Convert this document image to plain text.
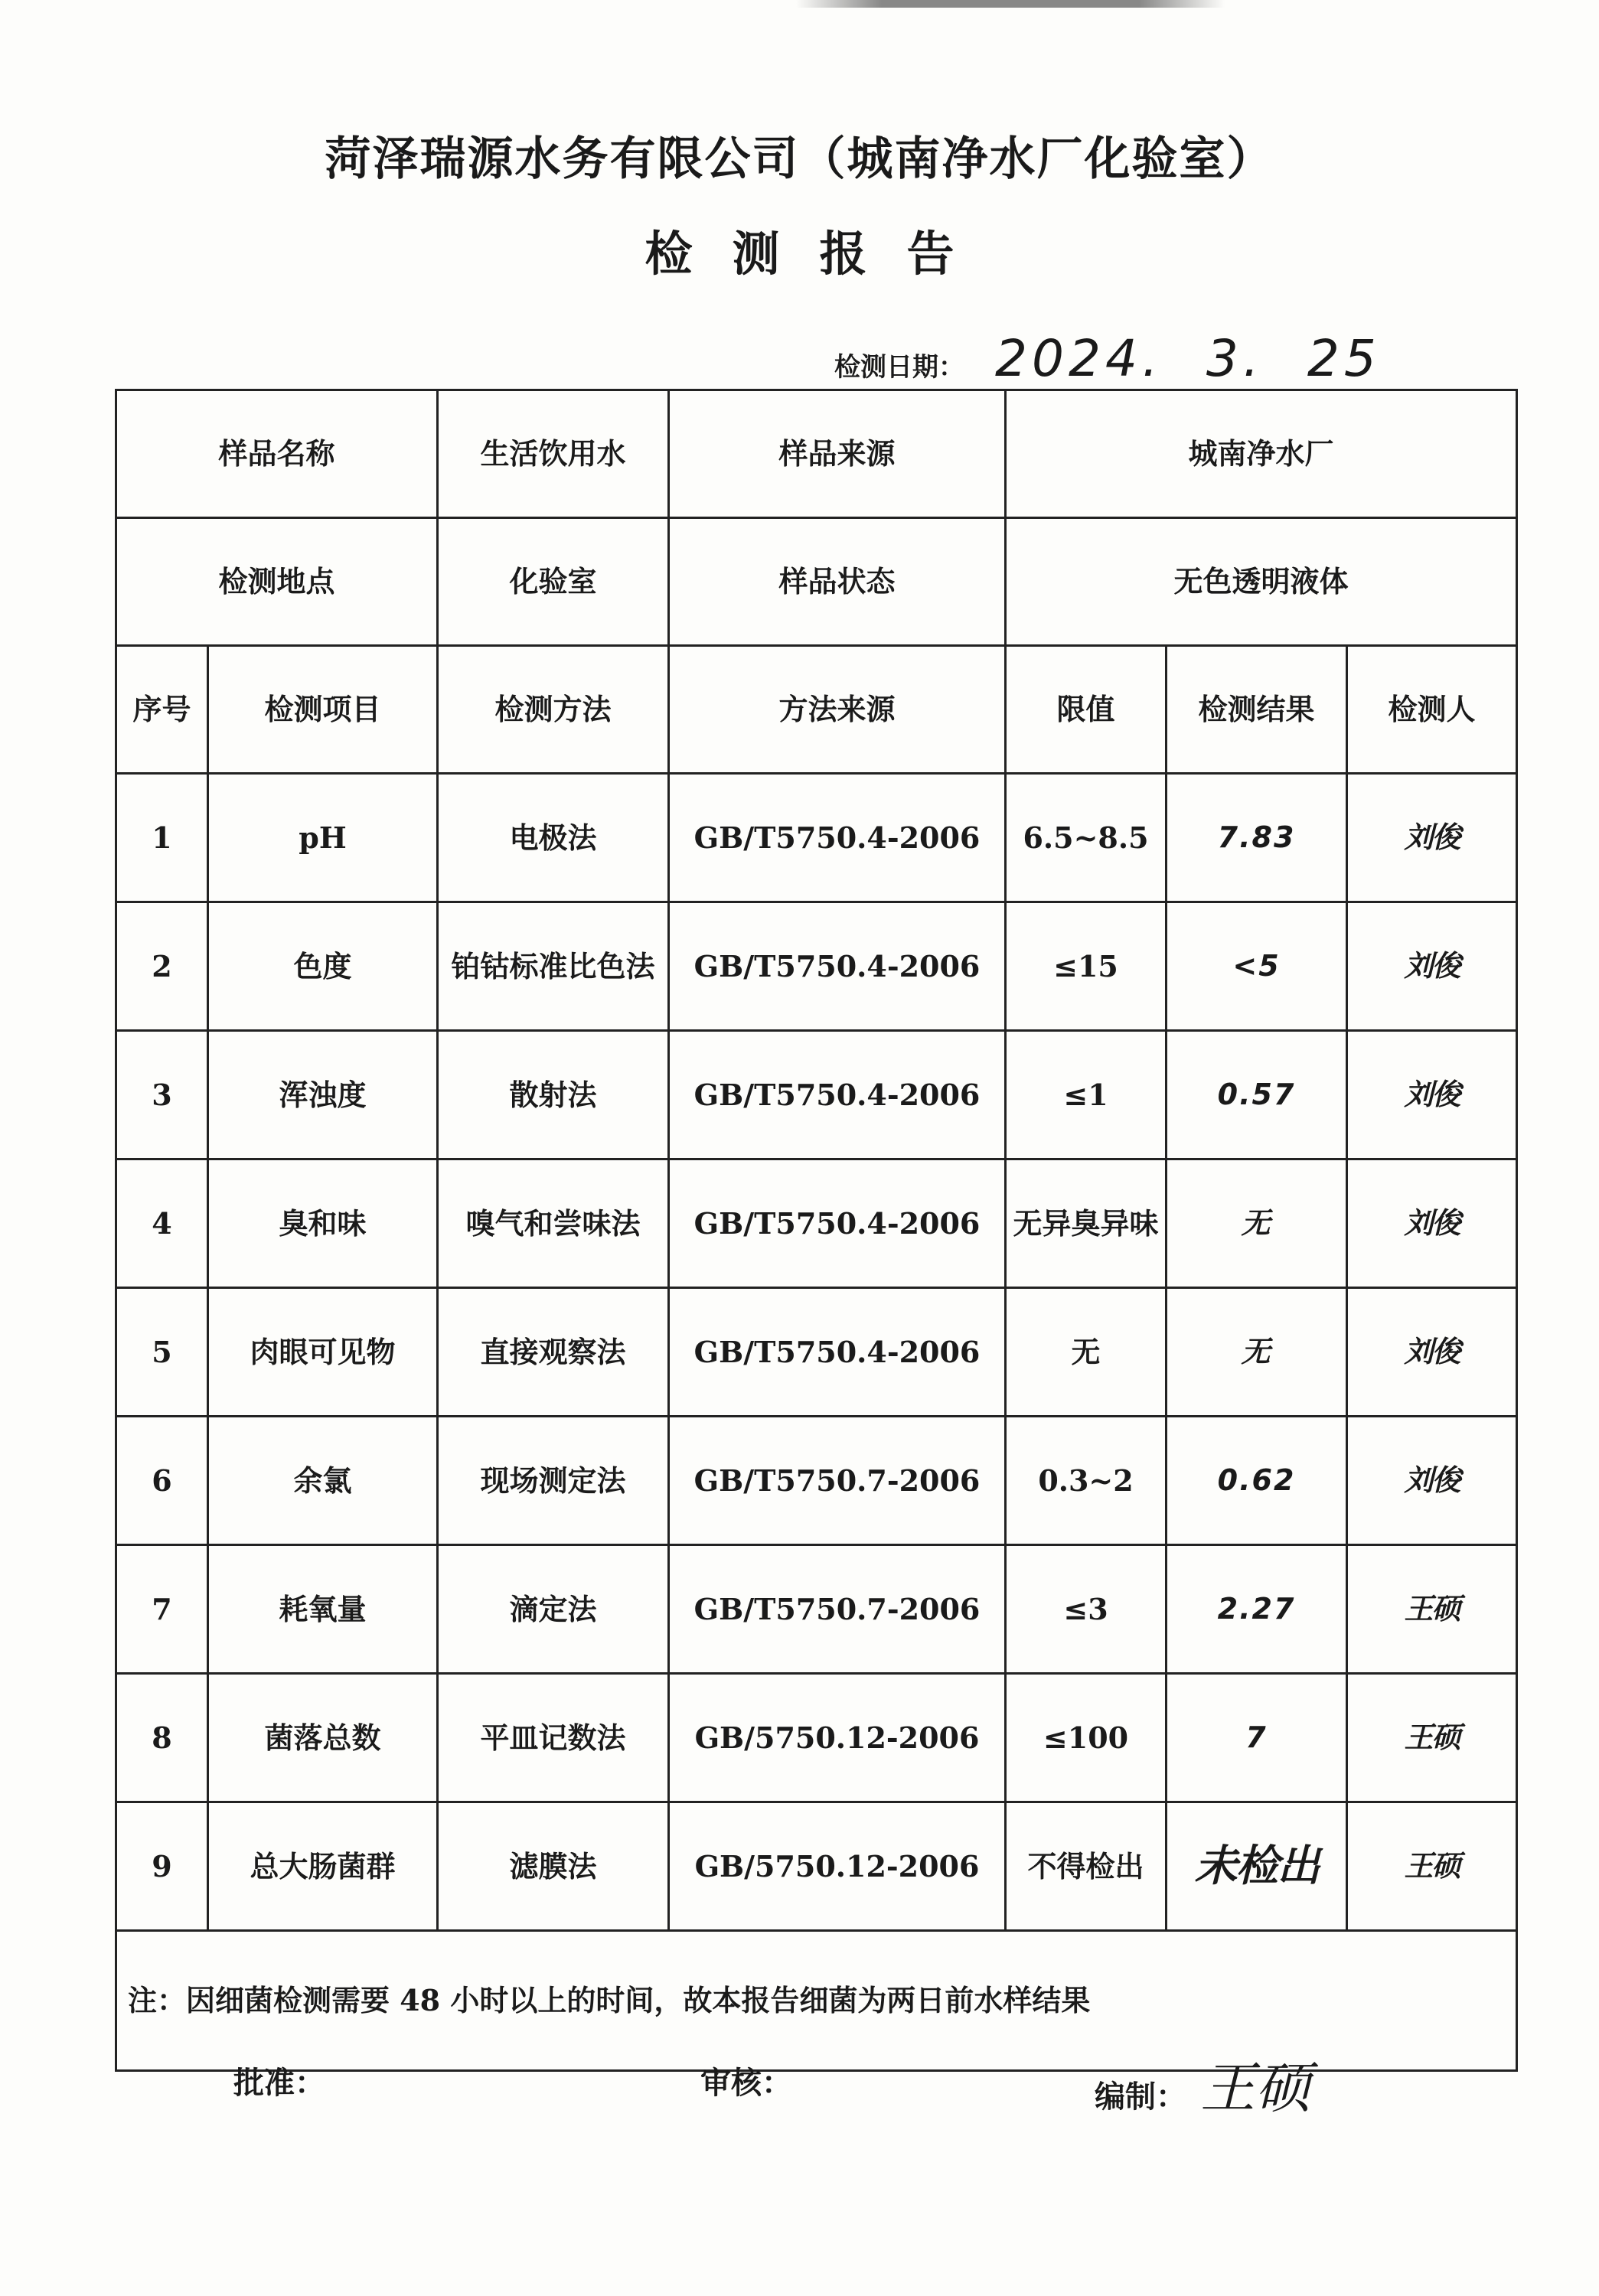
菏泽瑞源水务有限公司（城南净水厂化验室）
检测报告
检测日期： 2024. 3. 25
样品名称		生活饮用水	样品来源	城南净水厂		
检测地点		化验室	样品状态	无色透明液体		
序号	检测项目	检测方法	方法来源	限值	检测结果	检测人
1	pH	电极法	GB/T5750.4-2006	6.5~8.5	7.83	刘俊
2	色度	铂钴标准比色法	GB/T5750.4-2006	≤15	<5	刘俊
3	浑浊度	散射法	GB/T5750.4-2006	≤1	0.57	刘俊
4	臭和味	嗅气和尝味法	GB/T5750.4-2006	无异臭异味	无	刘俊
5	肉眼可见物	直接观察法	GB/T5750.4-2006	无	无	刘俊
6	余氯	现场测定法	GB/T5750.7-2006	0.3~2	0.62	刘俊
7	耗氧量	滴定法	GB/T5750.7-2006	≤3	2.27	王硕
8	菌落总数	平皿记数法	GB/5750.12-2006	≤100	7	王硕
9	总大肠菌群	滤膜法	GB/5750.12-2006	不得检出	未检出	王硕
注：因细菌检测需要 48 小时以上的时间，故本报告细菌为两日前水样结果						
批准：	审核：	编制： 王硕
